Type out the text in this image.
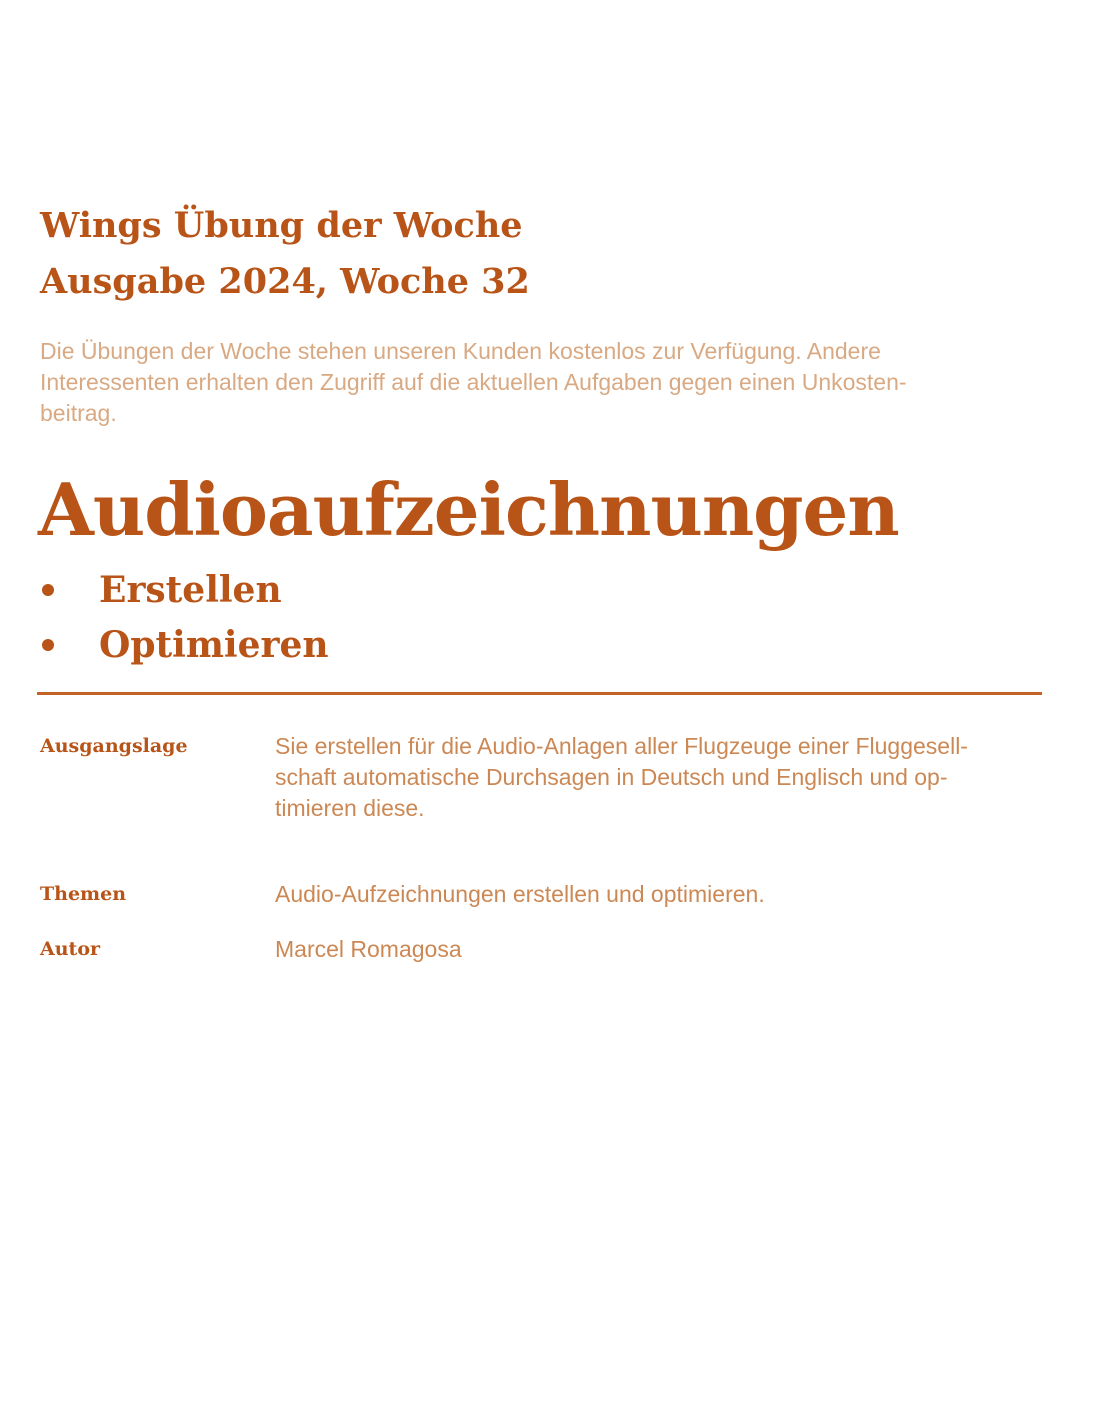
Wings Übung der Woche
Ausgabe 2024, Woche 32
Die Übungen der Woche stehen unseren Kunden kostenlos zur Verfügung. Andere
Interessenten erhalten den Zugriff auf die aktuellen Aufgaben gegen einen Unkosten-
beitrag.
Audioaufzeichnungen
Erstellen
Optimieren
Ausgangslage	Sie erstellen für die Audio-Anlagen aller Flugzeuge einer Fluggesell-
schaft automatische Durchsagen in Deutsch und Englisch und op-
timieren diese.
Themen	Audio-Aufzeichnungen erstellen und optimieren.
Autor	Marcel Romagosa
